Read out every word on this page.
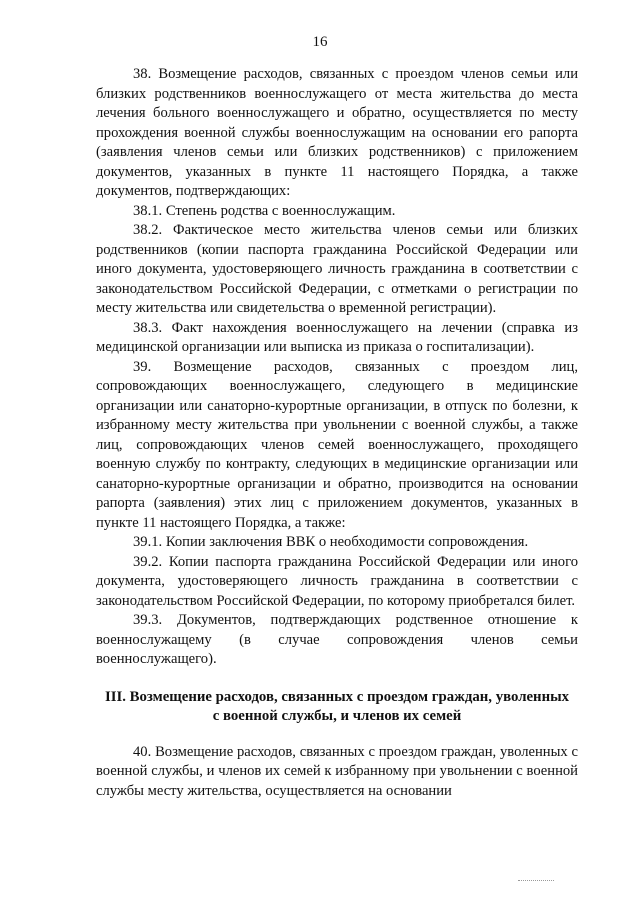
16

38. Возмещение расходов, связанных с проездом членов семьи или близких родственников военнослужащего от места жительства до места лечения больного военнослужащего и обратно, осуществляется по месту прохождения военной службы военнослужащим на основании его рапорта (заявления членов семьи или близких родственников) с приложением документов, указанных в пункте 11 настоящего Порядка, а также документов, подтверждающих:

38.1. Степень родства с военнослужащим.

38.2. Фактическое место жительства членов семьи или близких родственников (копии паспорта гражданина Российской Федерации или иного документа, удостоверяющего личность гражданина в соответствии с законодательством Российской Федерации, с отметками о регистрации по месту жительства или свидетельства о временной регистрации).

38.3. Факт нахождения военнослужащего на лечении (справка из медицинской организации или выписка из приказа о госпитализации).

39. Возмещение расходов, связанных с проездом лиц, сопровождающих военнослужащего, следующего в медицинские организации или санаторно-курортные организации, в отпуск по болезни, к избранному месту жительства при увольнении с военной службы, а также лиц, сопровождающих членов семей военнослужащего, проходящего военную службу по контракту, следующих в медицинские организации или санаторно-курортные организации и обратно, производится на основании рапорта (заявления) этих лиц с приложением документов, указанных в пункте 11 настоящего Порядка, а также:

39.1. Копии заключения ВВК о необходимости сопровождения.

39.2. Копии паспорта гражданина Российской Федерации или иного документа, удостоверяющего личность гражданина в соответствии с законодательством Российской Федерации, по которому приобретался билет.

39.3. Документов, подтверждающих родственное отношение к военнослужащему (в случае сопровождения членов семьи военнослужащего).

III. Возмещение расходов, связанных с проездом граждан, уволенных
с военной службы, и членов их семей

40. Возмещение расходов, связанных с проездом граждан, уволенных с военной службы, и членов их семей к избранному при увольнении с военной службы месту жительства, осуществляется на основании
